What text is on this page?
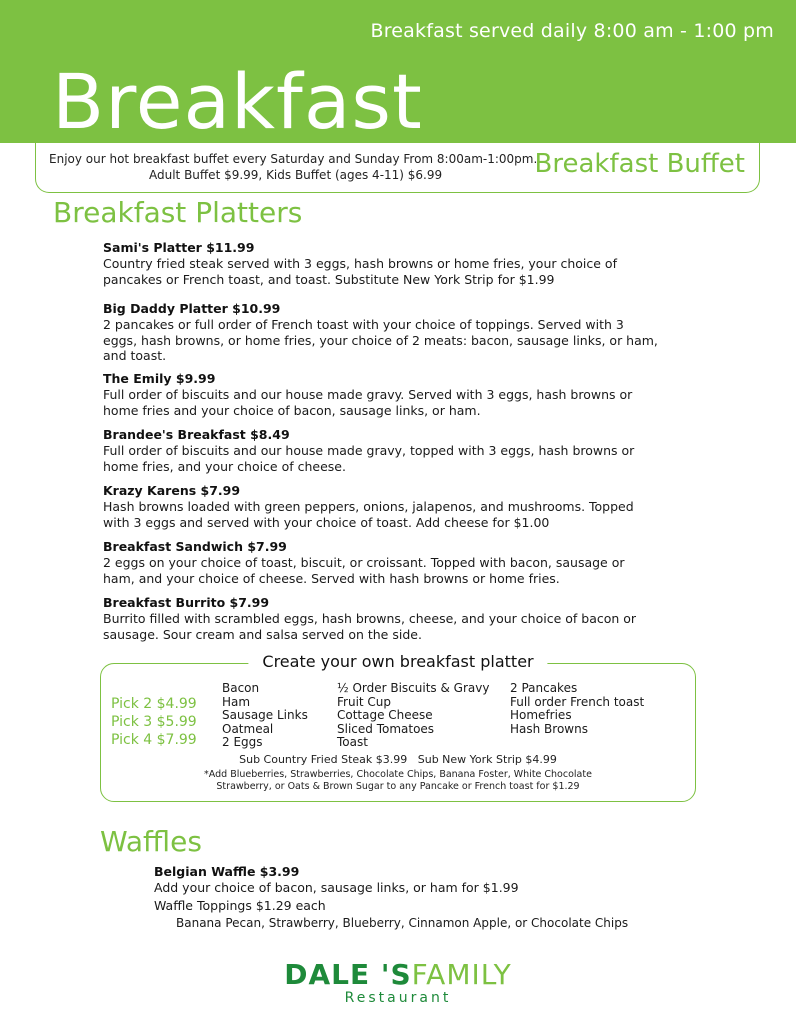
Breakfast served daily 8:00 am - 1:00 pm
Breakfast
Enjoy our hot breakfast buffet every Saturday and Sunday From 8:00am-1:00pm.
Adult Buffet $9.99, Kids Buffet (ages 4-11) $6.99	Breakfast Buffet
Breakfast Platters
Sami's Platter $11.99
Country fried steak served with 3 eggs, hash browns or home fries, your choice of
pancakes or French toast, and toast. Substitute New York Strip for $1.99
Big Daddy Platter $10.99
2 pancakes or full order of French toast with your choice of toppings. Served with 3
eggs, hash browns, or home fries, your choice of 2 meats: bacon, sausage links, or ham,
and toast.
The Emily $9.99
Full order of biscuits and our house made gravy. Served with 3 eggs, hash browns or
home fries and your choice of bacon, sausage links, or ham.
Brandee's Breakfast $8.49
Full order of biscuits and our house made gravy, topped with 3 eggs, hash browns or
home fries, and your choice of cheese.
Krazy Karens $7.99
Hash browns loaded with green peppers, onions, jalapenos, and mushrooms. Topped
with 3 eggs and served with your choice of toast. Add cheese for $1.00
Breakfast Sandwich $7.99
2 eggs on your choice of toast, biscuit, or croissant. Topped with bacon, sausage or
ham, and your choice of cheese. Served with hash browns or home fries.
Breakfast Burrito $7.99
Burrito filled with scrambled eggs, hash browns, cheese, and your choice of bacon or
sausage. Sour cream and salsa served on the side.
Create your own breakfast platter
Pick 2 $4.99
Pick 3 $5.99
Pick 4 $7.99
Bacon
Ham
Sausage Links
Oatmeal
2 Eggs
½ Order Biscuits & Gravy
Fruit Cup
Cottage Cheese
Sliced Tomatoes
Toast
2 Pancakes
Full order French toast
Homefries
Hash Browns
Sub Country Fried Steak $3.99   Sub New York Strip $4.99
*Add Blueberries, Strawberries, Chocolate Chips, Banana Foster, White Chocolate
Strawberry, or Oats & Brown Sugar to any Pancake or French toast for $1.29
Waffles
Belgian Waffle $3.99
Add your choice of bacon, sausage links, or ham for $1.99
Waffle Toppings $1.29 each
Banana Pecan, Strawberry, Blueberry, Cinnamon Apple, or Chocolate Chips
DALE 'SFAMILY
Restaurant
